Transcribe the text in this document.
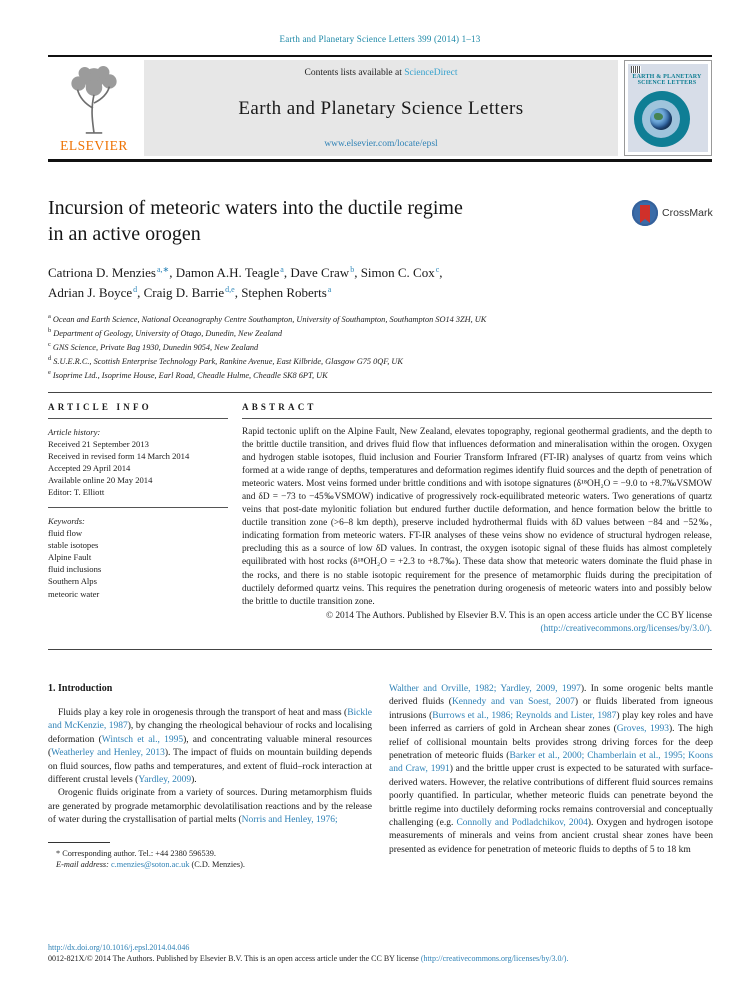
Earth and Planetary Science Letters 399 (2014) 1–13
ELSEVIER
Contents lists available at ScienceDirect
Earth and Planetary Science Letters
www.elsevier.com/locate/epsl
EARTH & PLANETARY SCIENCE LETTERS
Incursion of meteoric waters into the ductile regime
in an active orogen
CrossMark
Catriona D. Menzies$^{a,∗}$, Damon A.H. Teagle$^a$, Dave Craw$^b$, Simon C. Cox$^c$,
Adrian J. Boyce$^d$, Craig D. Barrie$^{d,e}$, Stephen Roberts$^a$
$^a$ Ocean and Earth Science, National Oceanography Centre Southampton, University of Southampton, Southampton SO14 3ZH, UK
$^b$ Department of Geology, University of Otago, Dunedin, New Zealand
$^c$ GNS Science, Private Bag 1930, Dunedin 9054, New Zealand
$^d$ S.U.E.R.C., Scottish Enterprise Technology Park, Rankine Avenue, East Kilbride, Glasgow G75 0QF, UK
$^e$ Isoprime Ltd., Isoprime House, Earl Road, Cheadle Hulme, Cheadle SK8 6PT, UK
ARTICLE INFO
Article history:
Received 21 September 2013
Received in revised form 14 March 2014
Accepted 29 April 2014
Available online 20 May 2014
Editor: T. Elliott
Keywords:
fluid flow
stable isotopes
Alpine Fault
fluid inclusions
Southern Alps
meteoric water
ABSTRACT
Rapid tectonic uplift on the Alpine Fault, New Zealand, elevates topography, regional geothermal gradients, and the depth to the brittle ductile transition, and drives fluid flow that influences deformation and mineralisation within the orogen. Oxygen and hydrogen stable isotopes, fluid inclusion and Fourier Transform Infrared (FT-IR) analyses of quartz from veins which formed at a wide range of depths, temperatures and deformation regimes identify fluid sources and the depth of penetration of meteoric waters. Most veins formed under brittle conditions and with isotope signatures (δ¹⁸OH₂O = −9.0 to +8.7‰VSMOW and δD = −73 to −45‰VSMOW) indicative of progressively rock-equilibrated meteoric waters. Two generations of quartz veins that post-date mylonitic foliation but endured further ductile deformation, and hence formation below the brittle to ductile transition zone (>6–8 km depth), preserve included hydrothermal fluids with δD values between −84 and −52‰, indicating formation from meteoric waters. FT-IR analyses of these veins show no evidence of structural hydrogen release, precluding this as a source of low δD values. In contrast, the oxygen isotopic signal of these fluids has almost completely equilibrated with host rocks (δ¹⁸OH₂O = +2.3 to +8.7‰). These data show that meteoric waters dominate the fluid phase in the rocks, and there is no stable isotopic requirement for the presence of metamorphic fluids during the precipitation of ductilely deformed quartz veins. This requires the penetration during orogenesis of meteoric waters into and possibly below the brittle to ductile transition zone.
© 2014 The Authors. Published by Elsevier B.V. This is an open access article under the CC BY license
(http://creativecommons.org/licenses/by/3.0/).
1. Introduction
Fluids play a key role in orogenesis through the transport of heat and mass (Bickle and McKenzie, 1987), by changing the rheological behaviour of rocks and localising deformation (Wintsch et al., 1995), and concentrating valuable mineral resources (Weatherley and Henley, 2013). The impact of fluids on mountain building depends on fluid sources, flow paths and temperatures, and extent of fluid–rock interaction at different crustal levels (Yardley, 2009).
Orogenic fluids originate from a variety of sources. During metamorphism fluids are generated by prograde metamorphic devolatilisation reactions and by the release of water during the crystallisation of partial melts (Norris and Henley, 1976;
* Corresponding author. Tel.: +44 2380 596539.
E-mail address: c.menzies@soton.ac.uk (C.D. Menzies).
Walther and Orville, 1982; Yardley, 2009, 1997). In some orogenic belts mantle derived fluids (Kennedy and van Soest, 2007) or fluids liberated from igneous intrusions (Burrows et al., 1986; Reynolds and Lister, 1987) play key roles and have been inferred as carriers of gold in Archean shear zones (Groves, 1993). The high relief of collisional mountain belts provides strong driving forces for the deep penetration of meteoric fluids (Barker et al., 2000; Chamberlain et al., 1995; Koons and Craw, 1991) and the brittle upper crust is expected to be saturated with surface-derived waters. However, the relative contributions of different fluid sources remains poorly quantified. In particular, whether meteoric fluids can penetrate beyond the brittle regime into ductilely deforming rocks remains controversial and conceptually challenging (e.g. Connolly and Podladchikov, 2004). Oxygen and hydrogen isotope measurements of minerals and veins from ancient crustal shear zones have been presented as evidence for penetration of meteoric fluids to depths of 5 to 18 km
http://dx.doi.org/10.1016/j.epsl.2014.04.046
0012-821X/© 2014 The Authors. Published by Elsevier B.V. This is an open access article under the CC BY license (http://creativecommons.org/licenses/by/3.0/).
